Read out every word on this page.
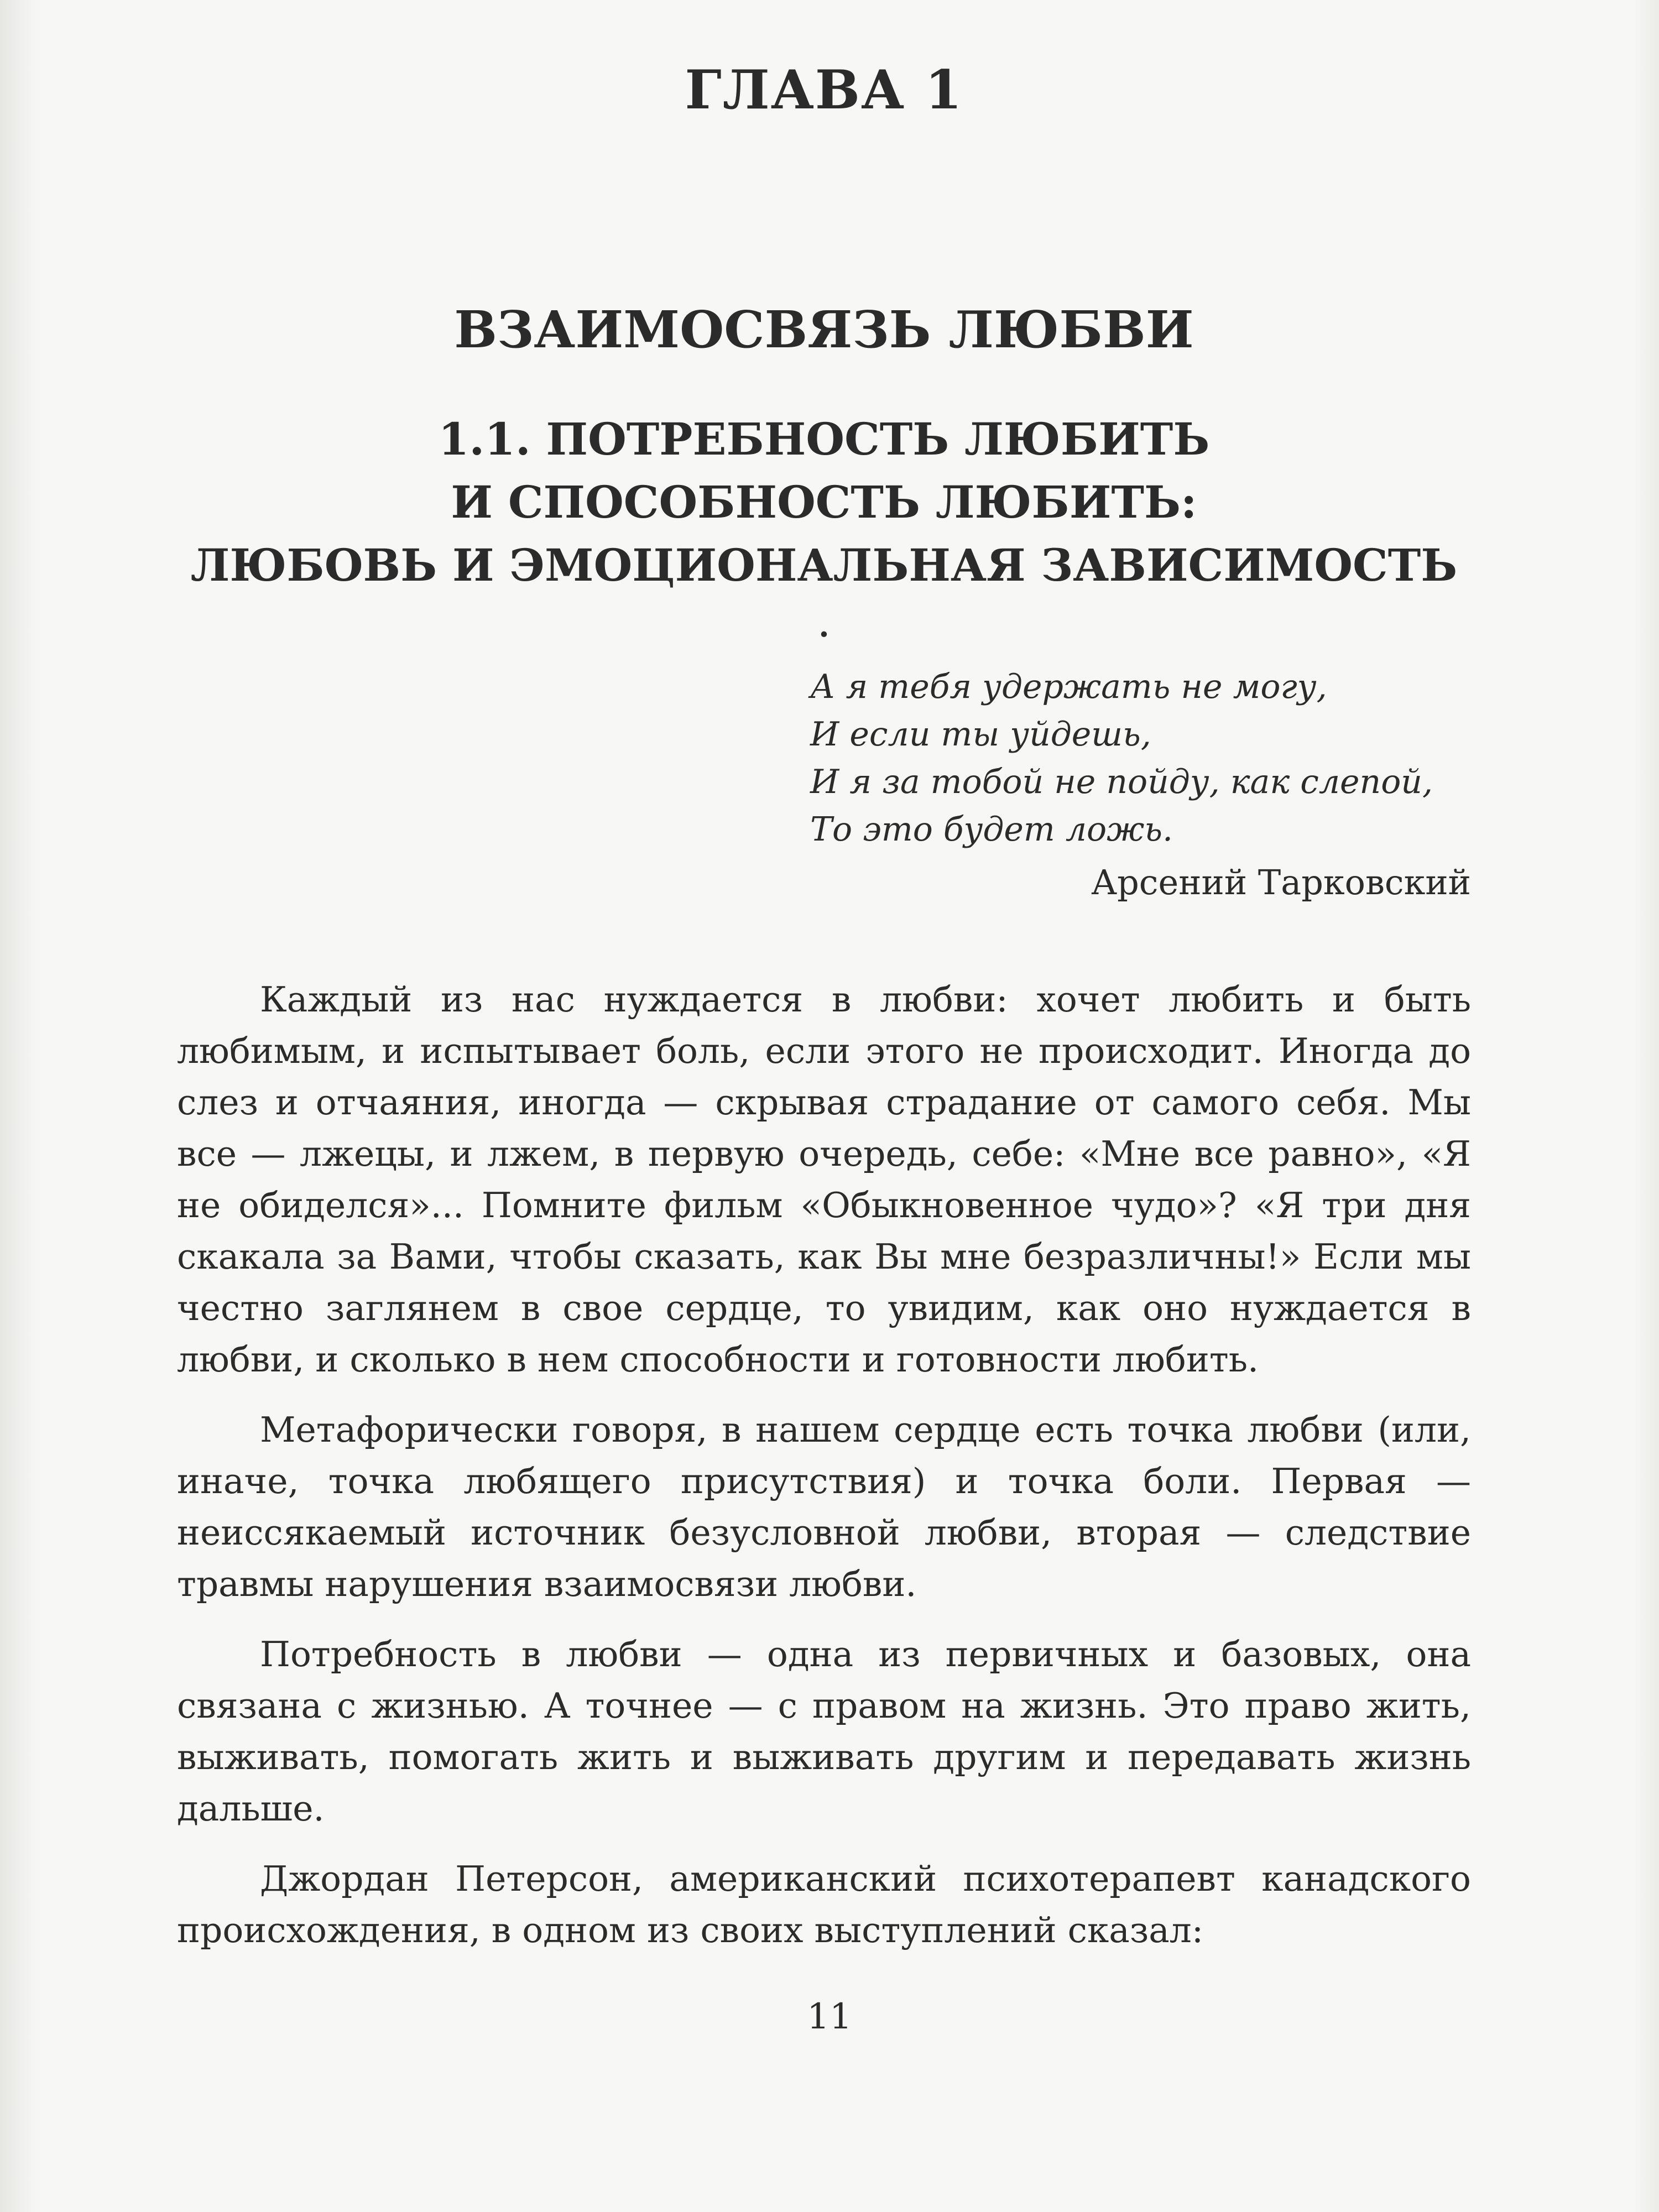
ГЛАВА 1
ВЗАИМОСВЯЗЬ ЛЮБВИ
1.1. ПОТРЕБНОСТЬ ЛЮБИТЬ
И СПОСОБНОСТЬ ЛЮБИТЬ:
ЛЮБОВЬ И ЭМОЦИОНАЛЬНАЯ ЗАВИСИМОСТЬ
.
А я тебя удержать не могу,
И если ты уйдешь,
И я за тобой не пойду, как слепой,
То это будет ложь.
Арсений Тарковский

Каждый из нас нуждается в любви: хочет любить и быть любимым, и испытывает боль, если этого не происходит. Иногда до слез и отчаяния, иногда — скрывая страдание от самого себя. Мы все — лжецы, и лжем, в первую очередь, себе: «Мне все равно», «Я не обиделся»... Помните фильм «Обыкновенное чудо»? «Я три дня скакала за Вами, чтобы сказать, как Вы мне безразличны!» Если мы честно заглянем в свое сердце, то увидим, как оно нуждается в любви, и сколько в нем способности и готовности любить.

Метафорически говоря, в нашем сердце есть точка любви (или, иначе, точка любящего присутствия) и точка боли. Первая — неиссякаемый источник безусловной любви, вторая — следствие травмы нарушения взаимосвязи любви.

Потребность в любви — одна из первичных и базовых, она связана с жизнью. А точнее — с правом на жизнь. Это право жить, выживать, помогать жить и выживать другим и передавать жизнь дальше.

Джордан Петерсон, американский психотерапевт канадского происхождения, в одном из своих выступлений сказал:

11
